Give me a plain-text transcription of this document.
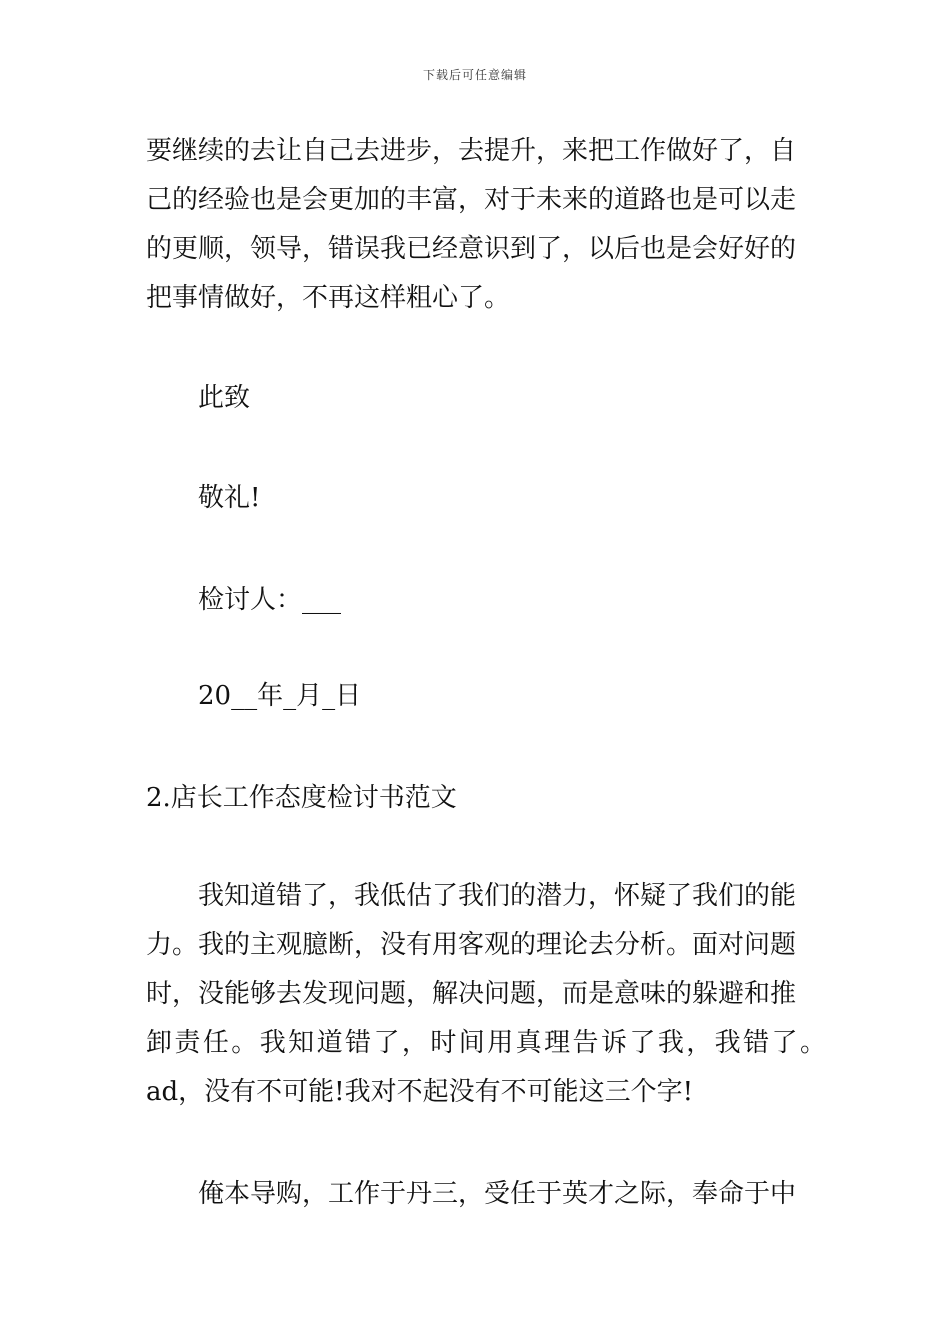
下载后可任意编辑
要继续的去让自己去进步，去提升，来把工作做好了，自
己的经验也是会更加的丰富，对于未来的道路也是可以走
的更顺，领导，错误我已经意识到了，以后也是会好好的
把事情做好，不再这样粗心了。
此致
敬礼!
检讨人：___
20__年_月_日
2.店长工作态度检讨书范文
我知道错了，我低估了我们的潜力，怀疑了我们的能
力。我的主观臆断，没有用客观的理论去分析。面对问题
时，没能够去发现问题，解决问题，而是意味的躲避和推
卸责任。我知道错了，时间用真理告诉了我，我错了。
ad，没有不可能!我对不起没有不可能这三个字!
俺本导购，工作于丹三，受任于英才之际，奉命于中
